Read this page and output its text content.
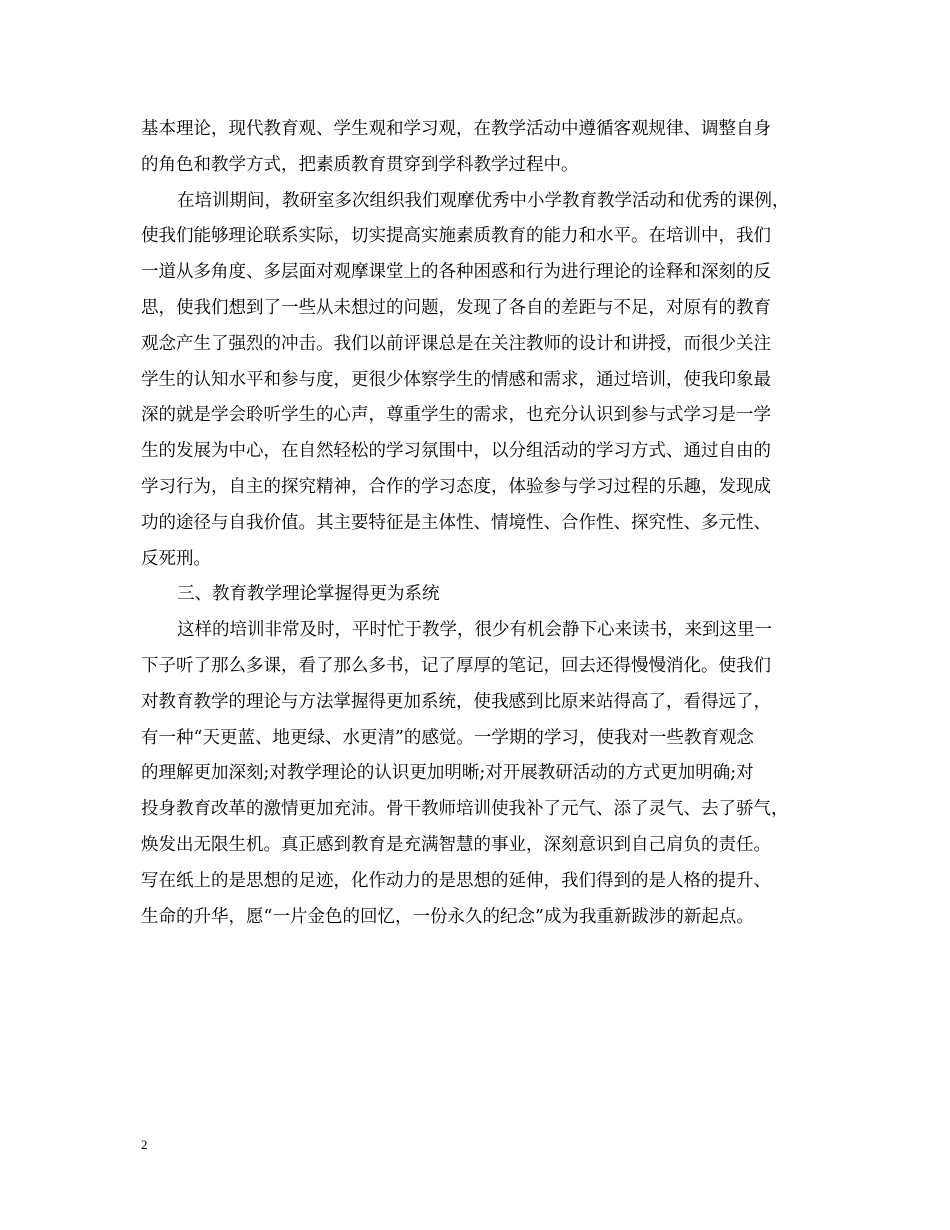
基本理论，现代教育观、学生观和学习观，在教学活动中遵循客观规律、调整自身
的角色和教学方式，把素质教育贯穿到学科教学过程中。
在培训期间，教研室多次组织我们观摩优秀中小学教育教学活动和优秀的课例，
使我们能够理论联系实际，切实提高实施素质教育的能力和水平。在培训中，我们
一道从多角度、多层面对观摩课堂上的各种困惑和行为进行理论的诠释和深刻的反
思，使我们想到了一些从未想过的问题，发现了各自的差距与不足，对原有的教育
观念产生了强烈的冲击。我们以前评课总是在关注教师的设计和讲授，而很少关注
学生的认知水平和参与度，更很少体察学生的情感和需求，通过培训，使我印象最
深的就是学会聆听学生的心声，尊重学生的需求，也充分认识到参与式学习是一学
生的发展为中心，在自然轻松的学习氛围中，以分组活动的学习方式、通过自由的
学习行为，自主的探究精神，合作的学习态度，体验参与学习过程的乐趣，发现成
功的途径与自我价值。其主要特征是主体性、情境性、合作性、探究性、多元性、
反死刑。
三、教育教学理论掌握得更为系统
这样的培训非常及时，平时忙于教学，很少有机会静下心来读书，来到这里一
下子听了那么多课，看了那么多书，记了厚厚的笔记，回去还得慢慢消化。使我们
对教育教学的理论与方法掌握得更加系统，使我感到比原来站得高了，看得远了，
有一种“天更蓝、地更绿、水更清”的感觉。一学期的学习，使我对一些教育观念
的理解更加深刻;对教学理论的认识更加明晰;对开展教研活动的方式更加明确;对
投身教育改革的激情更加充沛。骨干教师培训使我补了元气、添了灵气、去了骄气，
焕发出无限生机。真正感到教育是充满智慧的事业，深刻意识到自己肩负的责任。
写在纸上的是思想的足迹，化作动力的是思想的延伸，我们得到的是人格的提升、
生命的升华，愿“一片金色的回忆，一份永久的纪念”成为我重新跋涉的新起点。
2
